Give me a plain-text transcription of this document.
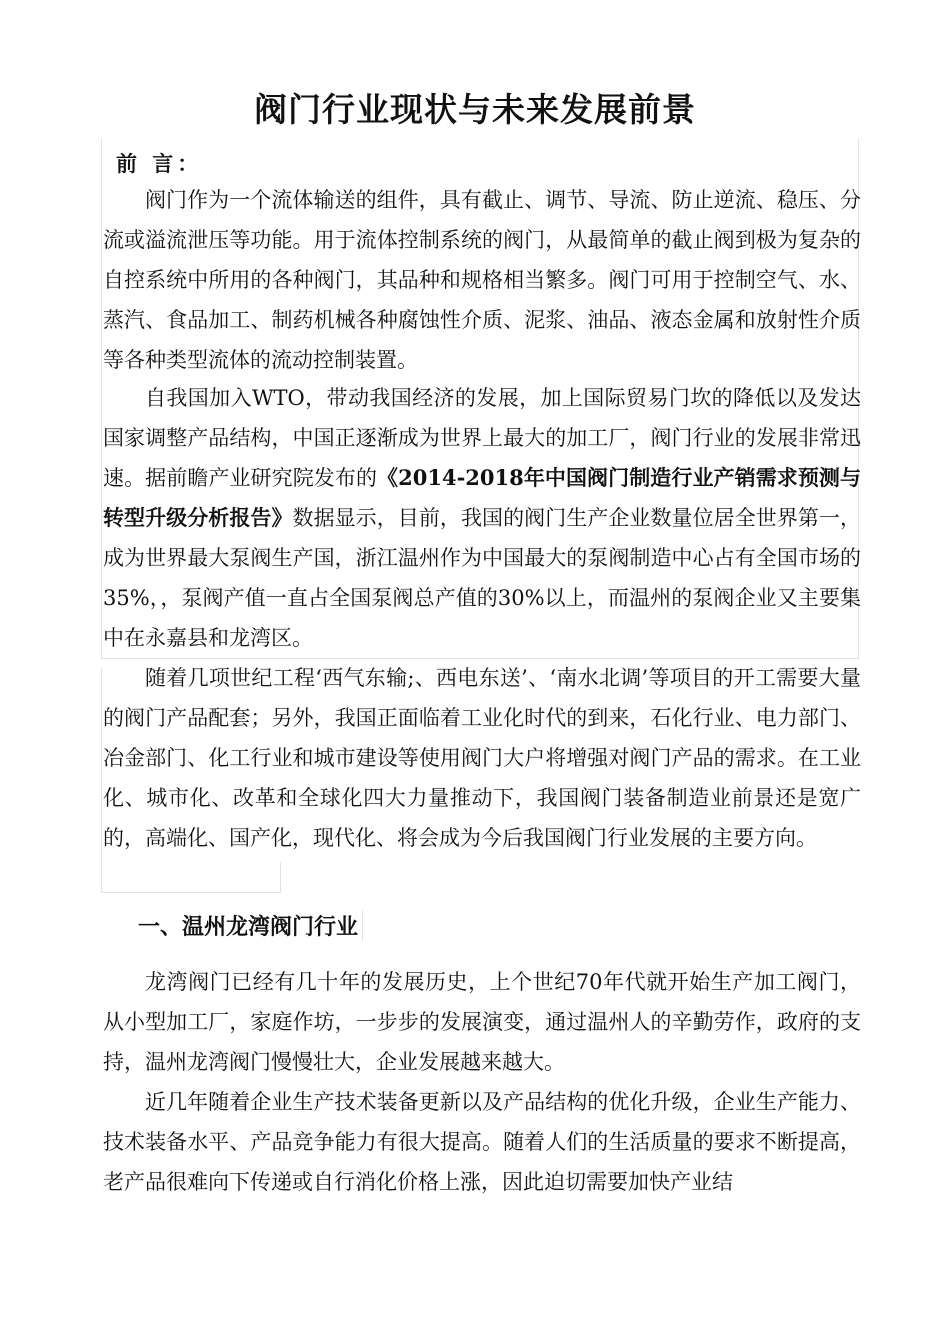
阀门行业现状与未来发展前景
前 言：

阀门作为一个流体输送的组件，具有截止、调节、导流、防止逆流、稳压、分流或溢流泄压等功能。用于流体控制系统的阀门，从最简单的截止阀到极为复杂的自控系统中所用的各种阀门，其品种和规格相当繁多。阀门可用于控制空气、水、蒸汽、食品加工、制药机械各种腐蚀性介质、泥浆、油品、液态金属和放射性介质等各种类型流体的流动控制装置。

自我国加入WTO，带动我国经济的发展，加上国际贸易门坎的降低以及发达国家调整产品结构，中国正逐渐成为世界上最大的加工厂，阀门行业的发展非常迅速。据前瞻产业研究院发布的《2014-2018年中国阀门制造行业产销需求预测与转型升级分析报告》数据显示，目前，我国的阀门生产企业数量位居全世界第一，成为世界最大泵阀生产国，浙江温州作为中国最大的泵阀制造中心占有全国市场的35%，，泵阀产值一直占全国泵阀总产值的30%以上，而温州的泵阀企业又主要集中在永嘉县和龙湾区。

随着几项世纪工程‘西气东输;、西电东送’、‘南水北调’等项目的开工需要大量的阀门产品配套；另外，我国正面临着工业化时代的到来，石化行业、电力部门、冶金部门、化工行业和城市建设等使用阀门大户将增强对阀门产品的需求。在工业化、城市化、改革和全球化四大力量推动下，我国阀门装备制造业前景还是宽广的，高端化、国产化，现代化、将会成为今后我国阀门行业发展的主要方向。

一、温州龙湾阀门行业

龙湾阀门已经有几十年的发展历史，上个世纪70年代就开始生产加工阀门，从小型加工厂，家庭作坊，一步步的发展演变，通过温州人的辛勤劳作，政府的支持，温州龙湾阀门慢慢壮大，企业发展越来越大。

近几年随着企业生产技术装备更新以及产品结构的优化升级，企业生产能力、技术装备水平、产品竞争能力有很大提高。随着人们的生活质量的要求不断提高，老产品很难向下传递或自行消化价格上涨，因此迫切需要加快产业结
